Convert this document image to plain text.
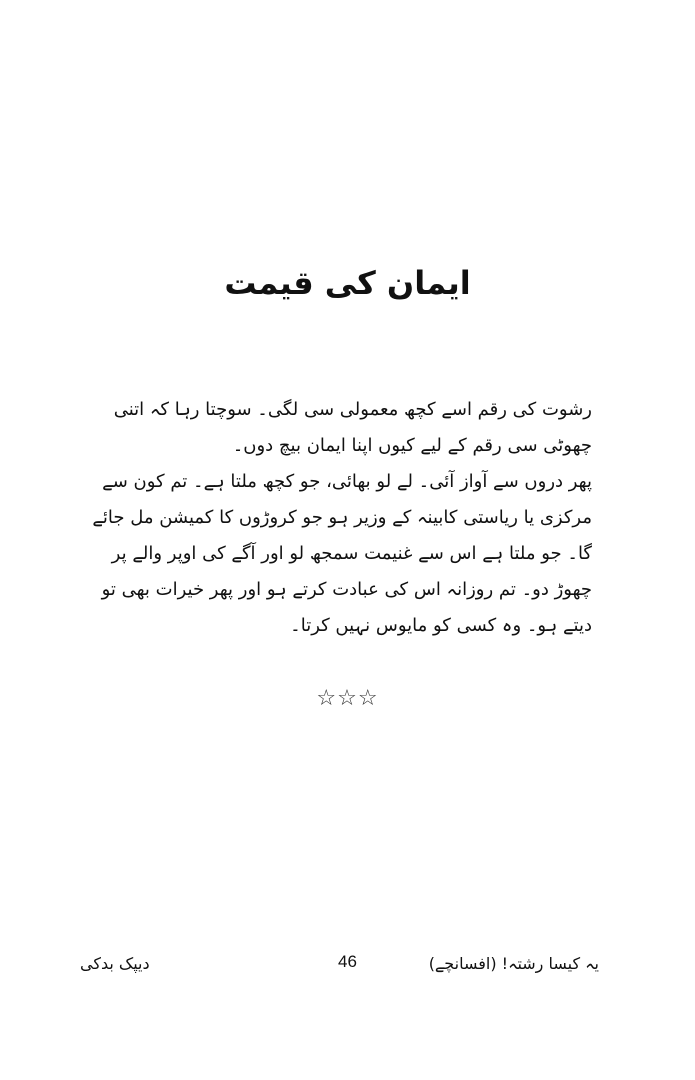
ایمان کی قیمت

رشوت کی رقم اسے کچھ معمولی سی لگی۔ سوچتا رہا کہ اتنی چھوٹی سی رقم کے لیے کیوں اپنا ایمان بیچ دوں۔

پھر دروں سے آواز آئی۔ لے لو بھائی، جو کچھ ملتا ہے۔ تم کون سے مرکزی یا ریاستی کابینہ کے وزیر ہو جو کروڑوں کا کمیشن مل جائے گا۔ جو ملتا ہے اس سے غنیمت سمجھ لو اور آگے کی اوپر والے پر چھوڑ دو۔ تم روزانہ اس کی عبادت کرتے ہو اور پھر خیرات بھی تو دیتے ہو۔ وہ کسی کو مایوس نہیں کرتا۔

☆☆☆
یہ کیسا رشتہ! (افسانچے)
46
دیپک بدکی
